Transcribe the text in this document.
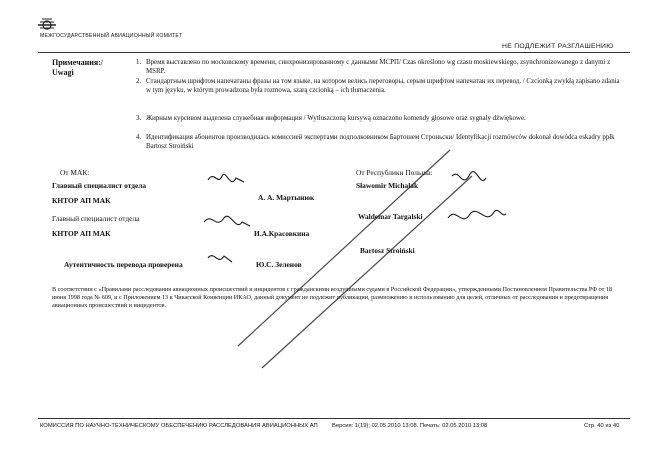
МЕЖГОСУДАРСТВЕННЫЙ АВИАЦИОННЫЙ КОМИТЕТ
НЕ ПОДЛЕЖИТ РАЗГЛАШЕНИЮ
Примечания:/
Uwagi
1. Время выставлено по московскому времени, синхронизированному с данными МСРП/ Czas określono wg czasu moskiewskiego, zsynchronizowanego z danymi z MSRP.
2. Стандартным шрифтом напечатаны фразы на том языке, на котором велись переговоры, серым шрифтом напечатан их перевод. / Czcionką zwykłą zapisano zdania w tym języku, w którym prowadzona była rozmowa, szarą czcionką – ich tłumaczenia.
3. Жирным курсивом выделена служебная информация / Wytłuszczoną kursywą oznaczono komendy głosowe oraz sygnały dźwiękowe.
4. Идентификация абонентов производилась комиссией экспертами подполковником Бартошем Строньски/ Identyfikacji rozmówców dokonał dowódca eskadry ppłk Bartosz Stroiński
От МАК:
Главный специалист отдела
КНТОР АП МАК	А. А. Мартынюк
Главный специалист отдела
КНТОР АП МАК	И.А.Красовкина
Аутентичность перевода проверена	Ю.С. Зеленов
От Республики Польша:
Sławomir Michalak
Waldemar Targalski
Bartosz Stroiński
В соответствии с «Правилами расследования авиационных происшествий и инцидентов с гражданскими воздушными судами в Российской Федерации», утвержденными Постановлением Правительства РФ от 18 июня 1998 года № 609, и с Приложением 13 к Чикагской Конвенции ИКАО, данный документ не подлежит публикации, размножению и использованию для целей, отличных от расследования и предотвращения авиационных происшествий и инцидентов.
КОМИССИЯ ПО НАУЧНО-ТЕХНИЧЕСКОМУ ОБЕСПЕЧЕНИЮ РАССЛЕДОВАНИЯ АВИАЦИОННЫХ АП Версия: 1(19); 02.05.2010 13:08. Печать: 02.05.2010 13:08	Стр. 40 из 40
